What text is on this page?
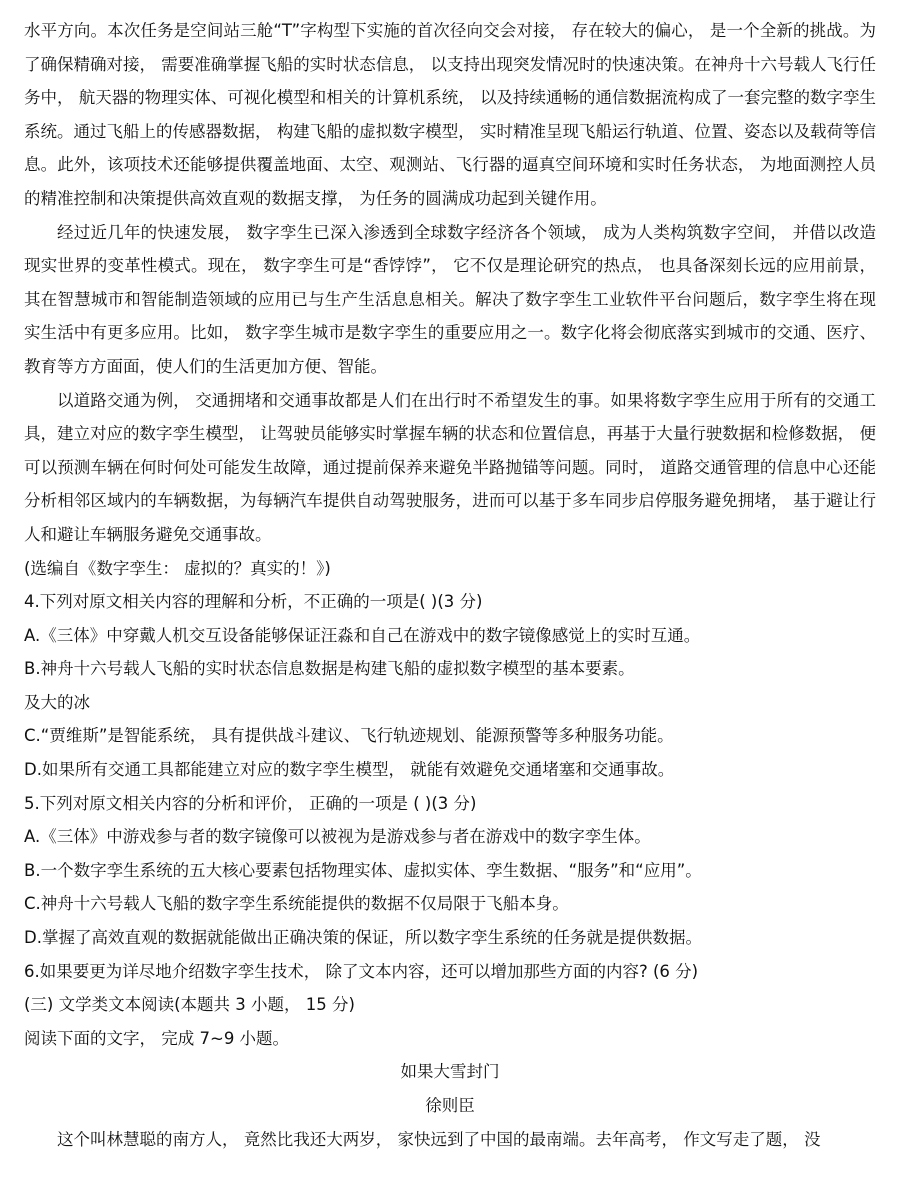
水平方向。本次任务是空间站三舱“T”字构型下实施的首次径向交会对接， 存在较大的偏心， 是一个全新的挑战。为了确保精确对接， 需要准确掌握飞船的实时状态信息， 以支持出现突发情况时的快速决策。在神舟十六号载人飞行任务中， 航天器的物理实体、可视化模型和相关的计算机系统， 以及持续通畅的通信数据流构成了一套完整的数字孪生系统。通过飞船上的传感器数据， 构建飞船的虚拟数字模型， 实时精准呈现飞船运行轨道、位置、姿态以及载荷等信息。此外，该项技术还能够提供覆盖地面、太空、观测站、飞行器的逼真空间环境和实时任务状态， 为地面测控人员的精准控制和决策提供高效直观的数据支撑， 为任务的圆满成功起到关键作用。

经过近几年的快速发展， 数字孪生已深入渗透到全球数字经济各个领域， 成为人类构筑数字空间， 并借以改造现实世界的变革性模式。现在， 数字孪生可是“香饽饽”， 它不仅是理论研究的热点， 也具备深刻长远的应用前景， 其在智慧城市和智能制造领域的应用已与生产生活息息相关。解决了数字孪生工业软件平台问题后，数字孪生将在现实生活中有更多应用。比如， 数字孪生城市是数字孪生的重要应用之一。数字化将会彻底落实到城市的交通、医疗、教育等方方面面，使人们的生活更加方便、智能。

以道路交通为例， 交通拥堵和交通事故都是人们在出行时不希望发生的事。如果将数字孪生应用于所有的交通工具，建立对应的数字孪生模型， 让驾驶员能够实时掌握车辆的状态和位置信息，再基于大量行驶数据和检修数据， 便可以预测车辆在何时何处可能发生故障，通过提前保养来避免半路抛锚等问题。同时， 道路交通管理的信息中心还能分析相邻区域内的车辆数据，为每辆汽车提供自动驾驶服务，进而可以基于多车同步启停服务避免拥堵， 基于避让行人和避让车辆服务避免交通事故。

(选编自《数字孪生： 虚拟的？真实的！》)

4.下列对原文相关内容的理解和分析，不正确的一项是( )(3 分)

A.《三体》中穿戴人机交互设备能够保证汪淼和自己在游戏中的数字镜像感觉上的实时互通。

B.神舟十六号载人飞船的实时状态信息数据是构建飞船的虚拟数字模型的基本要素。

及大的冰

C.“贾维斯”是智能系统， 具有提供战斗建议、飞行轨迹规划、能源预警等多种服务功能。

D.如果所有交通工具都能建立对应的数字孪生模型， 就能有效避免交通堵塞和交通事故。

5.下列对原文相关内容的分析和评价， 正确的一项是 ( )(3 分)

A.《三体》中游戏参与者的数字镜像可以被视为是游戏参与者在游戏中的数字孪生体。

B.一个数字孪生系统的五大核心要素包括物理实体、虚拟实体、孪生数据、“服务”和“应用”。

C.神舟十六号载人飞船的数字孪生系统能提供的数据不仅局限于飞船本身。

D.掌握了高效直观的数据就能做出正确决策的保证，所以数字孪生系统的任务就是提供数据。

6.如果要更为详尽地介绍数字孪生技术， 除了文本内容，还可以增加那些方面的内容? (6 分)

(三) 文学类文本阅读(本题共 3 小题， 15 分)

阅读下面的文字， 完成 7~9 小题。

如果大雪封门

徐则臣

这个叫林慧聪的南方人， 竟然比我还大两岁， 家快远到了中国的最南端。去年高考， 作文写走了题， 没
